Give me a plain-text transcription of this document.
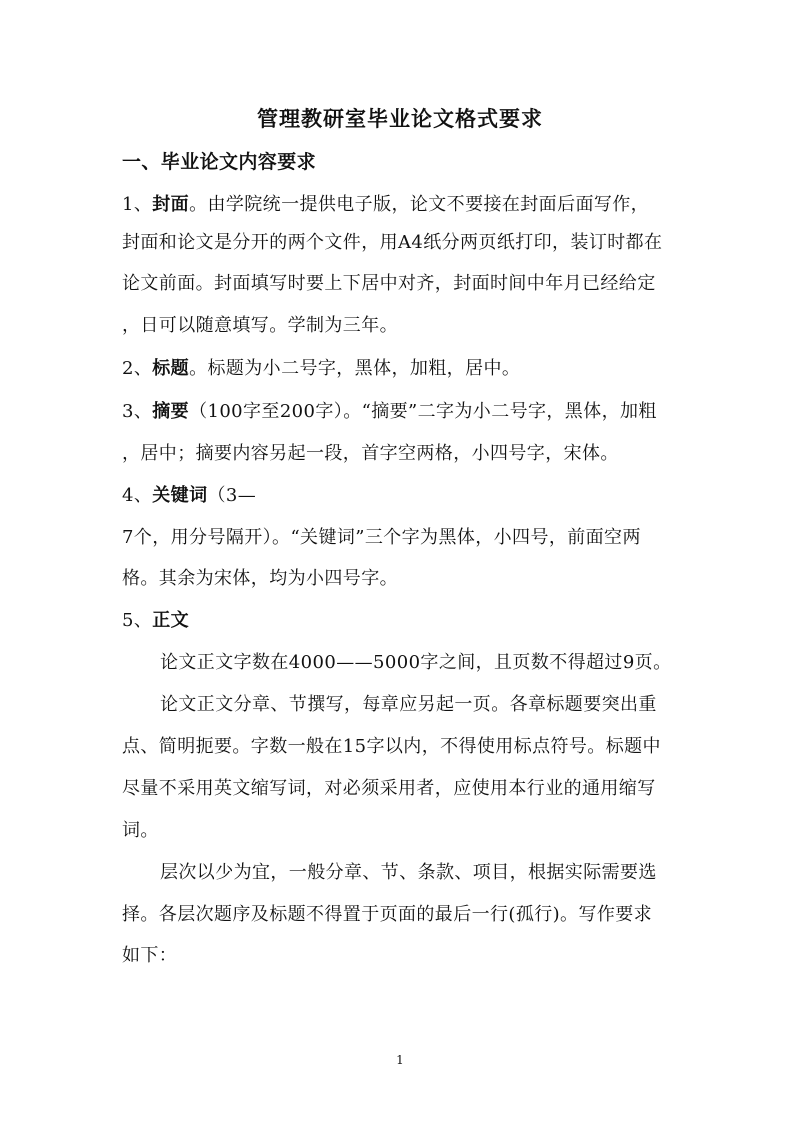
管理教研室毕业论文格式要求
一、毕业论文内容要求
1、封面。由学院统一提供电子版，论文不要接在封面后面写作，
封面和论文是分开的两个文件，用A4纸分两页纸打印，装订时都在
论文前面。封面填写时要上下居中对齐，封面时间中年月已经给定
，日可以随意填写。学制为三年。
2、标题。标题为小二号字，黑体，加粗，居中。
3、摘要（100字至200字）。“摘要”二字为小二号字，黑体，加粗
，居中；摘要内容另起一段，首字空两格，小四号字，宋体。
4、关键词（3—
7个，用分号隔开）。“关键词”三个字为黑体，小四号，前面空两
格。其余为宋体，均为小四号字。
5、正文
论文正文字数在4000——5000字之间，且页数不得超过9页。
论文正文分章、节撰写，每章应另起一页。各章标题要突出重
点、简明扼要。字数一般在15字以内，不得使用标点符号。标题中
尽量不采用英文缩写词，对必须采用者，应使用本行业的通用缩写
词。
层次以少为宜，一般分章、节、条款、项目，根据实际需要选
择。各层次题序及标题不得置于页面的最后一行(孤行)。写作要求
如下：
1
